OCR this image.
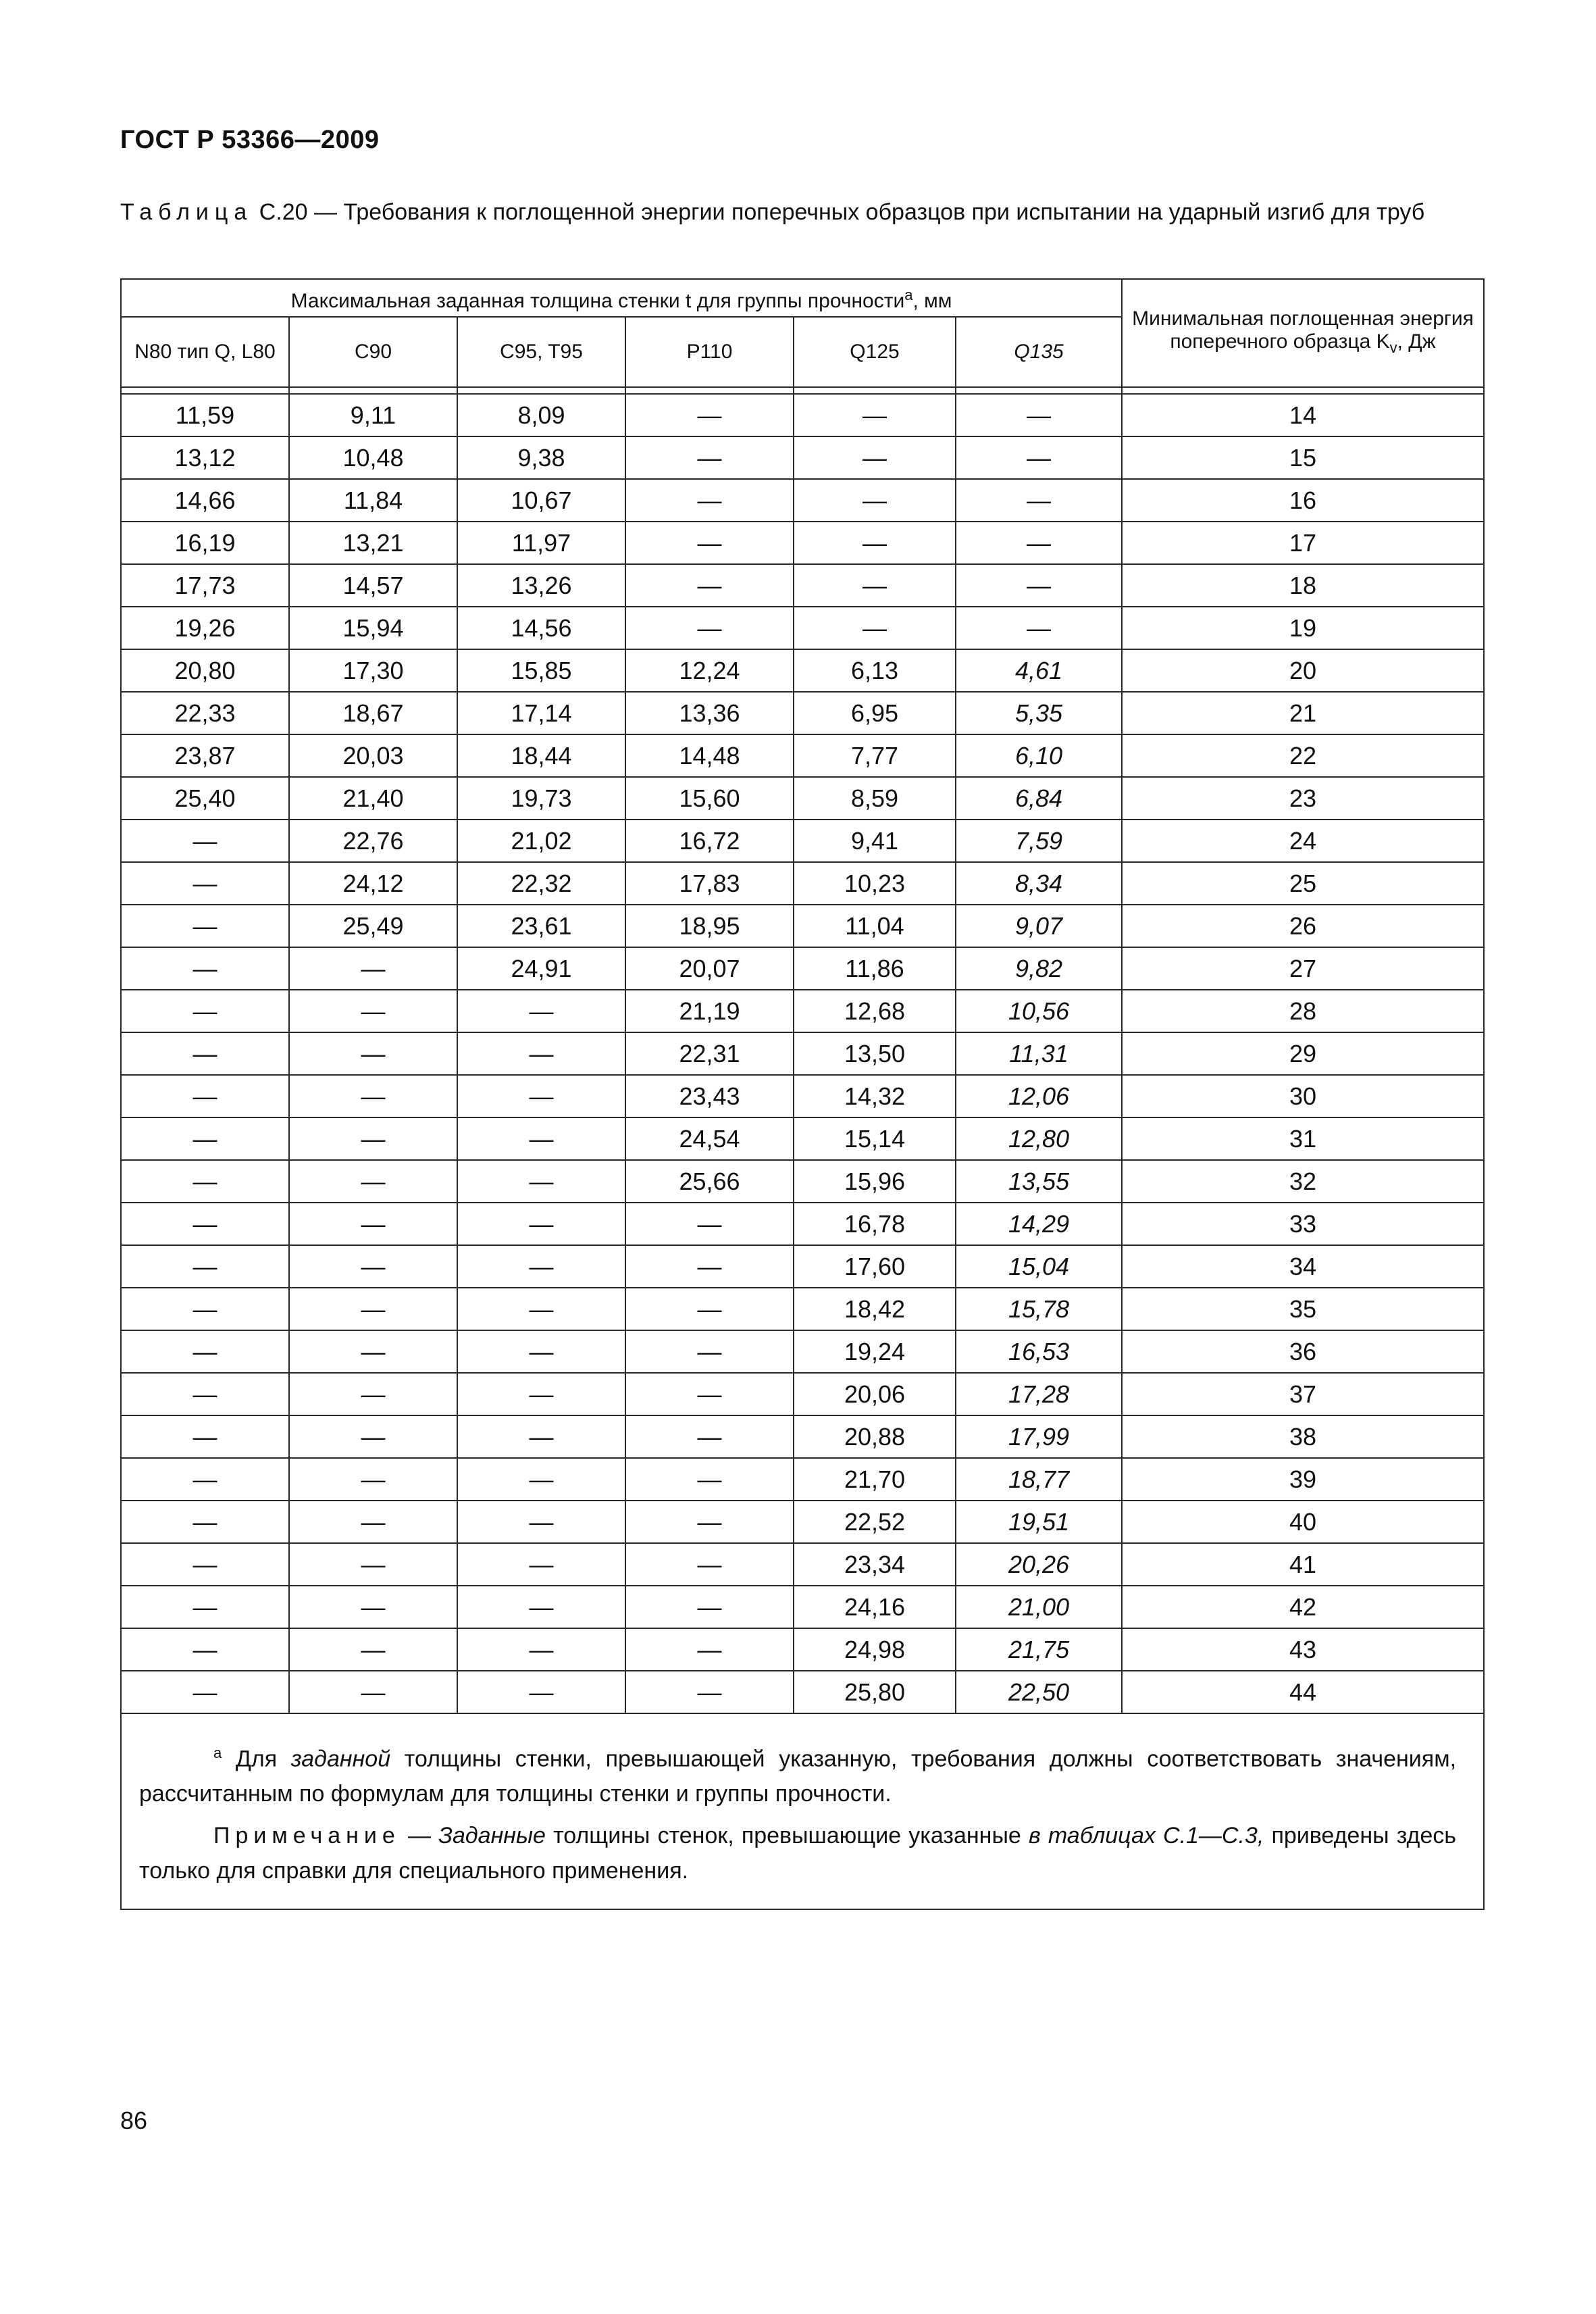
ГОСТ Р 53366—2009
Таблица С.20 — Требования к поглощенной энергии поперечных образцов при испытании на ударный изгиб для труб
Максимальная заданная толщина стенки t для группы прочности$^a$, мм						Минимальная поглощенная энергия поперечного образца $K_v$, Дж
N80 тип Q, L80	C90	C95, T95	P110	Q125	Q135	

11,59	9,11	8,09	—	—	—	14
13,12	10,48	9,38	—	—	—	15
14,66	11,84	10,67	—	—	—	16
16,19	13,21	11,97	—	—	—	17
17,73	14,57	13,26	—	—	—	18
19,26	15,94	14,56	—	—	—	19
20,80	17,30	15,85	12,24	6,13	4,61	20
22,33	18,67	17,14	13,36	6,95	5,35	21
23,87	20,03	18,44	14,48	7,77	6,10	22
25,40	21,40	19,73	15,60	8,59	6,84	23
—	22,76	21,02	16,72	9,41	7,59	24
—	24,12	22,32	17,83	10,23	8,34	25
—	25,49	23,61	18,95	11,04	9,07	26
—	—	24,91	20,07	11,86	9,82	27
—	—	—	21,19	12,68	10,56	28
—	—	—	22,31	13,50	11,31	29
—	—	—	23,43	14,32	12,06	30
—	—	—	24,54	15,14	12,80	31
—	—	—	25,66	15,96	13,55	32
—	—	—	—	16,78	14,29	33
—	—	—	—	17,60	15,04	34
—	—	—	—	18,42	15,78	35
—	—	—	—	19,24	16,53	36
—	—	—	—	20,06	17,28	37
—	—	—	—	20,88	17,99	38
—	—	—	—	21,70	18,77	39
—	—	—	—	22,52	19,51	40
—	—	—	—	23,34	20,26	41
—	—	—	—	24,16	21,00	42
—	—	—	—	24,98	21,75	43
—	—	—	—	25,80	22,50	44

$^a$ Для заданной толщины стенки, превышающей указанную, требования должны соответствовать значениям, рассчитанным по формулам для толщины стенки и группы прочности.

Примечание — Заданные толщины стенок, превышающие указанные в таблицах С.1—С.3, приведены здесь только для справки для специального применения.						

86
